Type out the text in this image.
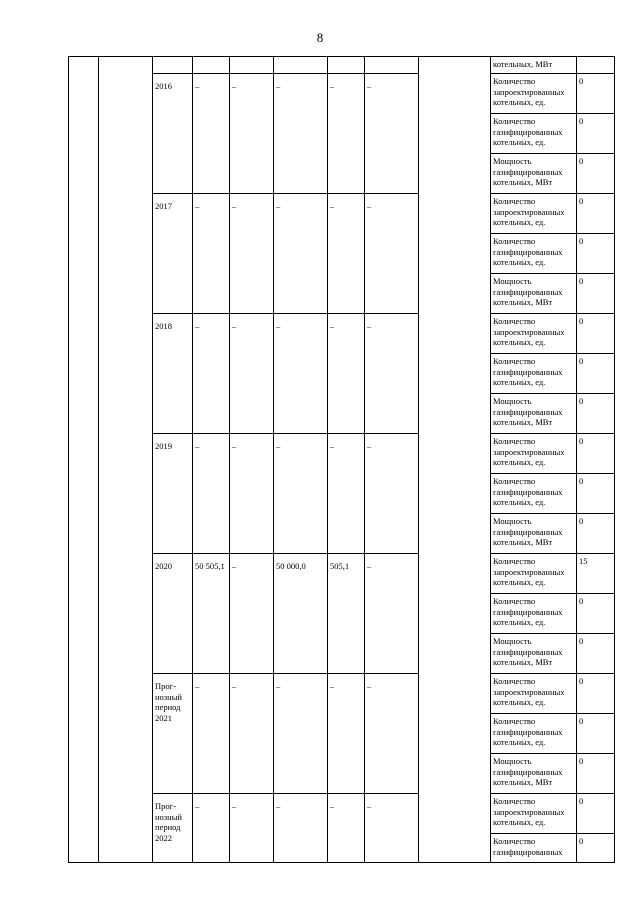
8
									котельных, МВт	
		2016	–	–	–	–	–		Количество запроектированных котельных, ед.	0
									Количество газифицированных котельных, ед.	0
									Мощность газифицированных котельных, МВт	0
		2017	–	–	–	–	–		Количество запроектированных котельных, ед.	0
									Количество газифицированных котельных, ед.	0
									Мощность газифицированных котельных, МВт	0
		2018	–	–	–	–	–		Количество запроектированных котельных, ед.	0
									Количество газифицированных котельных, ед.	0
									Мощность газифицированных котельных, МВт	0
		2019	–	–	–	–	–		Количество запроектированных котельных, ед.	0
									Количество газифицированных котельных, ед.	0
									Мощность газифицированных котельных, МВт	0
		2020	50 505,1	–	50 000,0	505,1	–		Количество запроектированных котельных, ед.	15
									Количество газифицированных котельных, ед.	0
									Мощность газифицированных котельных, МВт	0
		Прог-нозный период 2021	–	–	–	–	–		Количество запроектированных котельных, ед.	0
									Количество газифицированных котельных, ед.	0
									Мощность газифицированных котельных, МВт	0
		Прог-нозный период 2022	–	–	–	–	–		Количество запроектированных котельных, ед.	0
									Количество газифицированных	0
